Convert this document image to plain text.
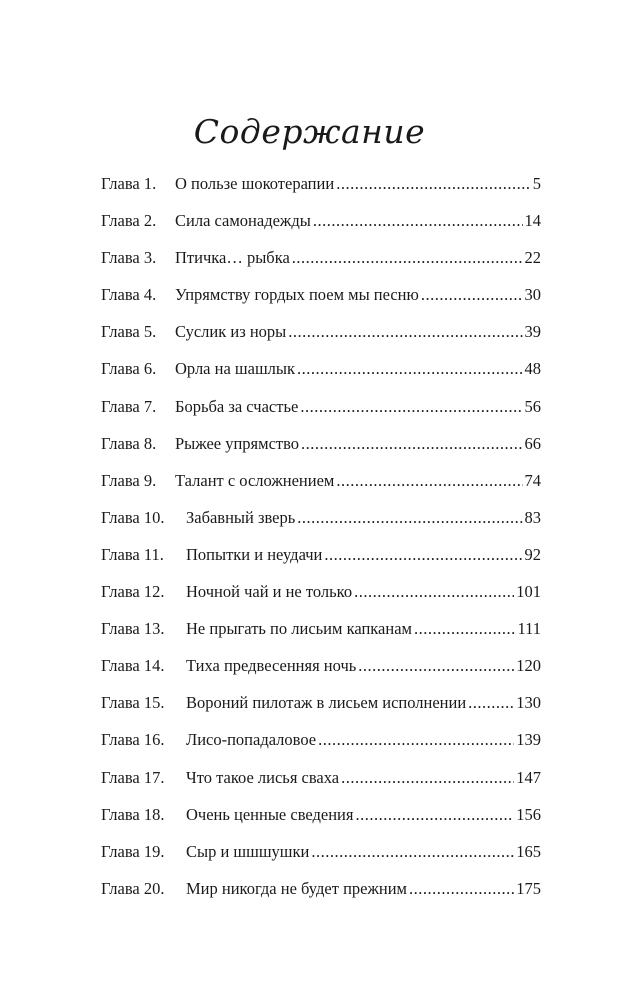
Содержание
Глава 1.	О пользе шокотерапии .....	5
Глава 2.	Сила самонадежды .....	14
Глава 3.	Птичка… рыбка .....	22
Глава 4.	Упрямству гордых поем мы песню .....	30
Глава 5.	Суслик из норы .....	39
Глава 6.	Орла на шашлык .....	48
Глава 7.	Борьба за счастье .....	56
Глава 8.	Рыжее упрямство .....	66
Глава 9.	Талант с осложнением .....	74
Глава 10.	Забавный зверь .....	83
Глава 11.	Попытки и неудачи .....	92
Глава 12.	Ночной чай и не только .....	101
Глава 13.	Не прыгать по лисьим капканам .....	111
Глава 14.	Тиха предвесенняя ночь .....	120
Глава 15.	Вороний пилотаж в лисьем исполнении .....	130
Глава 16.	Лисо-попадаловое .....	139
Глава 17.	Что такое лисья сваха .....	147
Глава 18.	Очень ценные сведения .....	156
Глава 19.	Сыр и шшшушки .....	165
Глава 20.	Мир никогда не будет прежним .....	175
